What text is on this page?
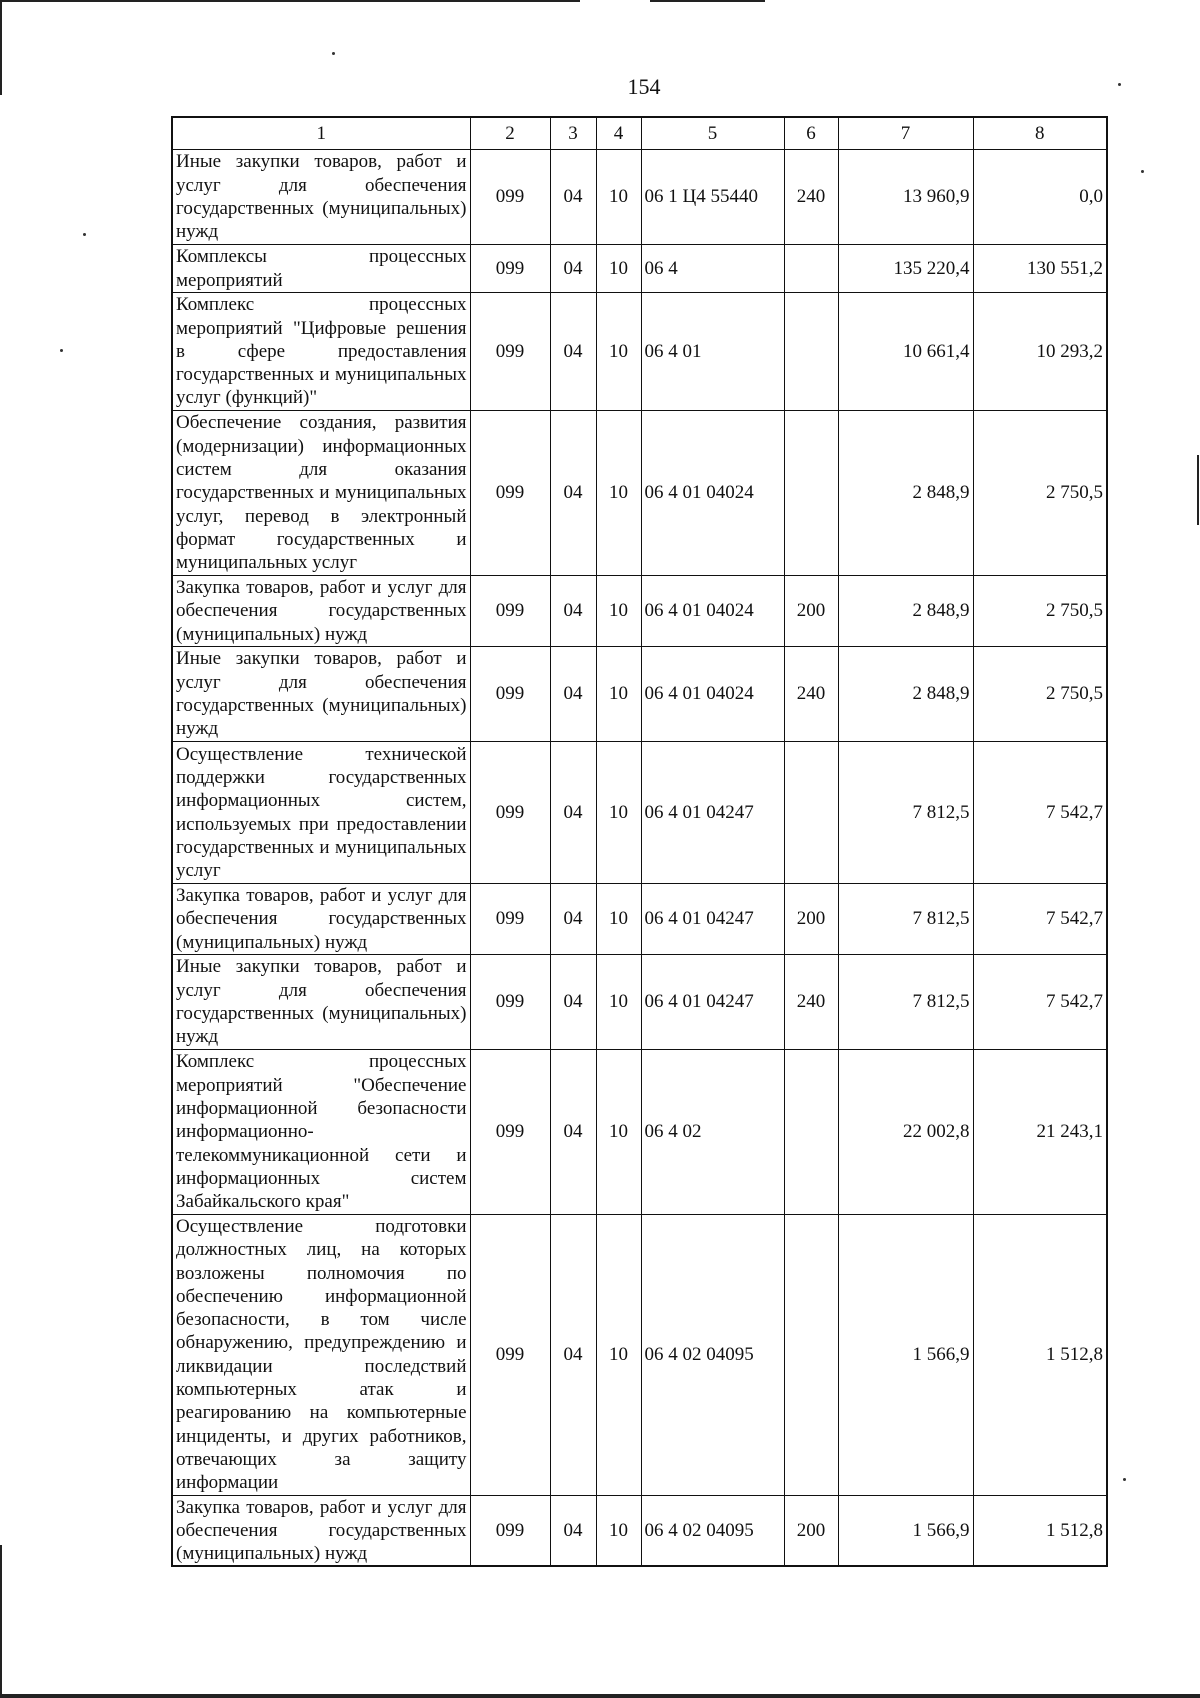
154
1	2	3	4	5	6	7	8
Иные закупки товаров, работ и услуг для обеспечения государственных (муниципальных) нужд	099	04	10	06 1 Ц4 55440	240	13 960,9	0,0
Комплексы процессных мероприятий	099	04	10	06 4		135 220,4	130 551,2
Комплекс процессных мероприятий "Цифровые решения в сфере предоставления государственных и муниципальных услуг (функций)"	099	04	10	06 4 01		10 661,4	10 293,2
Обеспечение создания, развития (модернизации) информационных систем для оказания государственных и муниципальных услуг, перевод в электронный формат государственных и муниципальных услуг	099	04	10	06 4 01 04024		2 848,9	2 750,5
Закупка товаров, работ и услуг для обеспечения государственных (муниципальных) нужд	099	04	10	06 4 01 04024	200	2 848,9	2 750,5
Иные закупки товаров, работ и услуг для обеспечения государственных (муниципальных) нужд	099	04	10	06 4 01 04024	240	2 848,9	2 750,5
Осуществление технической поддержки государственных информационных систем, используемых при предоставлении государственных и муниципальных услуг	099	04	10	06 4 01 04247		7 812,5	7 542,7
Закупка товаров, работ и услуг для обеспечения государственных (муниципальных) нужд	099	04	10	06 4 01 04247	200	7 812,5	7 542,7
Иные закупки товаров, работ и услуг для обеспечения государственных (муниципальных) нужд	099	04	10	06 4 01 04247	240	7 812,5	7 542,7
Комплекс процессных мероприятий "Обеспечение информационной безопасности информационно-телекоммуникационной сети и информационных систем Забайкальского края"	099	04	10	06 4 02		22 002,8	21 243,1
Осуществление подготовки должностных лиц, на которых возложены полномочия по обеспечению информационной безопасности, в том числе обнаружению, предупреждению и ликвидации последствий компьютерных атак и реагированию на компьютерные инциденты, и других работников, отвечающих за защиту информации	099	04	10	06 4 02 04095		1 566,9	1 512,8
Закупка товаров, работ и услуг для обеспечения государственных (муниципальных) нужд	099	04	10	06 4 02 04095	200	1 566,9	1 512,8
